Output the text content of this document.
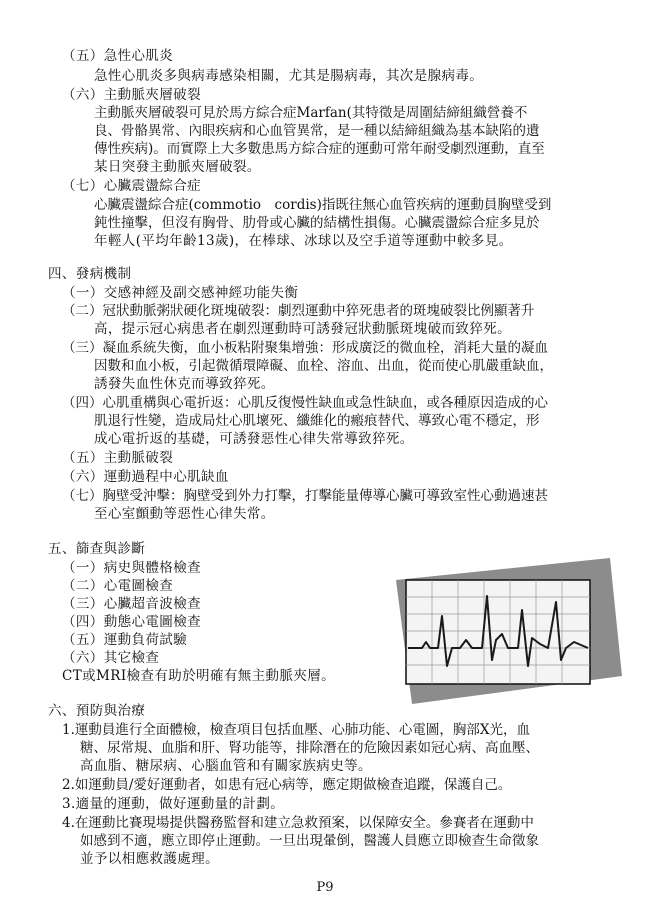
（五）急性心肌炎
急性心肌炎多與病毒感染相關，尤其是腸病毒，其次是腺病毒。
（六）主動脈夾層破裂
主動脈夾層破裂可見於馬方綜合症Marfan(其特徵是周圍結締組織營養不
良、骨骼異常、內眼疾病和心血管異常，是一種以結締組織為基本缺陷的遺
傳性疾病)。而實際上大多數患馬方綜合症的運動可常年耐受劇烈運動，直至
某日突發主動脈夾層破裂。
（七）心臟震盪綜合症
心臟震盪綜合症(commotio　cordis)指既往無心血管疾病的運動員胸壁受到
鈍性撞擊，但沒有胸骨、肋骨或心臟的結構性損傷。心臟震盪綜合症多見於
年輕人(平均年齡13歲)，在棒球、冰球以及空手道等運動中較多見。
四、發病機制
（一）交感神經及副交感神經功能失衡
（二）冠狀動脈粥狀硬化斑塊破裂：劇烈運動中猝死患者的斑塊破裂比例顯著升
高，提示冠心病患者在劇烈運動時可誘發冠狀動脈斑塊破而致猝死。
（三）凝血系統失衡，血小板粘附聚集增強：形成廣泛的微血栓，消耗大量的凝血
因數和血小板，引起微循環障礙、血栓、溶血、出血，從而使心肌嚴重缺血，
誘發失血性休克而導致猝死。
（四）心肌重構與心電折返：心肌反復慢性缺血或急性缺血，或各種原因造成的心
肌退行性變，造成局灶心肌壞死、纖維化的瘢痕替代、導致心電不穩定，形
成心電折返的基礎，可誘發惡性心律失常導致猝死。
（五）主動脈破裂
（六）運動過程中心肌缺血
（七）胸壁受沖擊：胸壁受到外力打擊，打擊能量傳導心臟可導致室性心動過速甚
至心室顫動等惡性心律失常。
五、篩查與診斷
（一）病史與體格檢查
（二）心電圖檢查
（三）心臟超音波檢查
（四）動態心電圖檢查
（五）運動負荷試驗
（六）其它檢查
CT或MRI檢查有助於明確有無主動脈夾層。
六、預防與治療
1.運動員進行全面體檢，檢查項目包括血壓、心肺功能、心電圖，胸部X光，血
糖、尿常規、血脂和肝、腎功能等，排除潛在的危險因素如冠心病、高血壓、
高血脂、糖尿病、心腦血管和有關家族病史等。
2.如運動員/愛好運動者，如患有冠心病等，應定期做檢查追蹤，保護自己。
3.適量的運動，做好運動量的計劃。
4.在運動比賽現場提供醫務監督和建立急救預案，以保障安全。參賽者在運動中
如感到不適，應立即停止運動。一旦出現暈倒，醫護人員應立即檢查生命徵象
並予以相應救護處理。
P9
